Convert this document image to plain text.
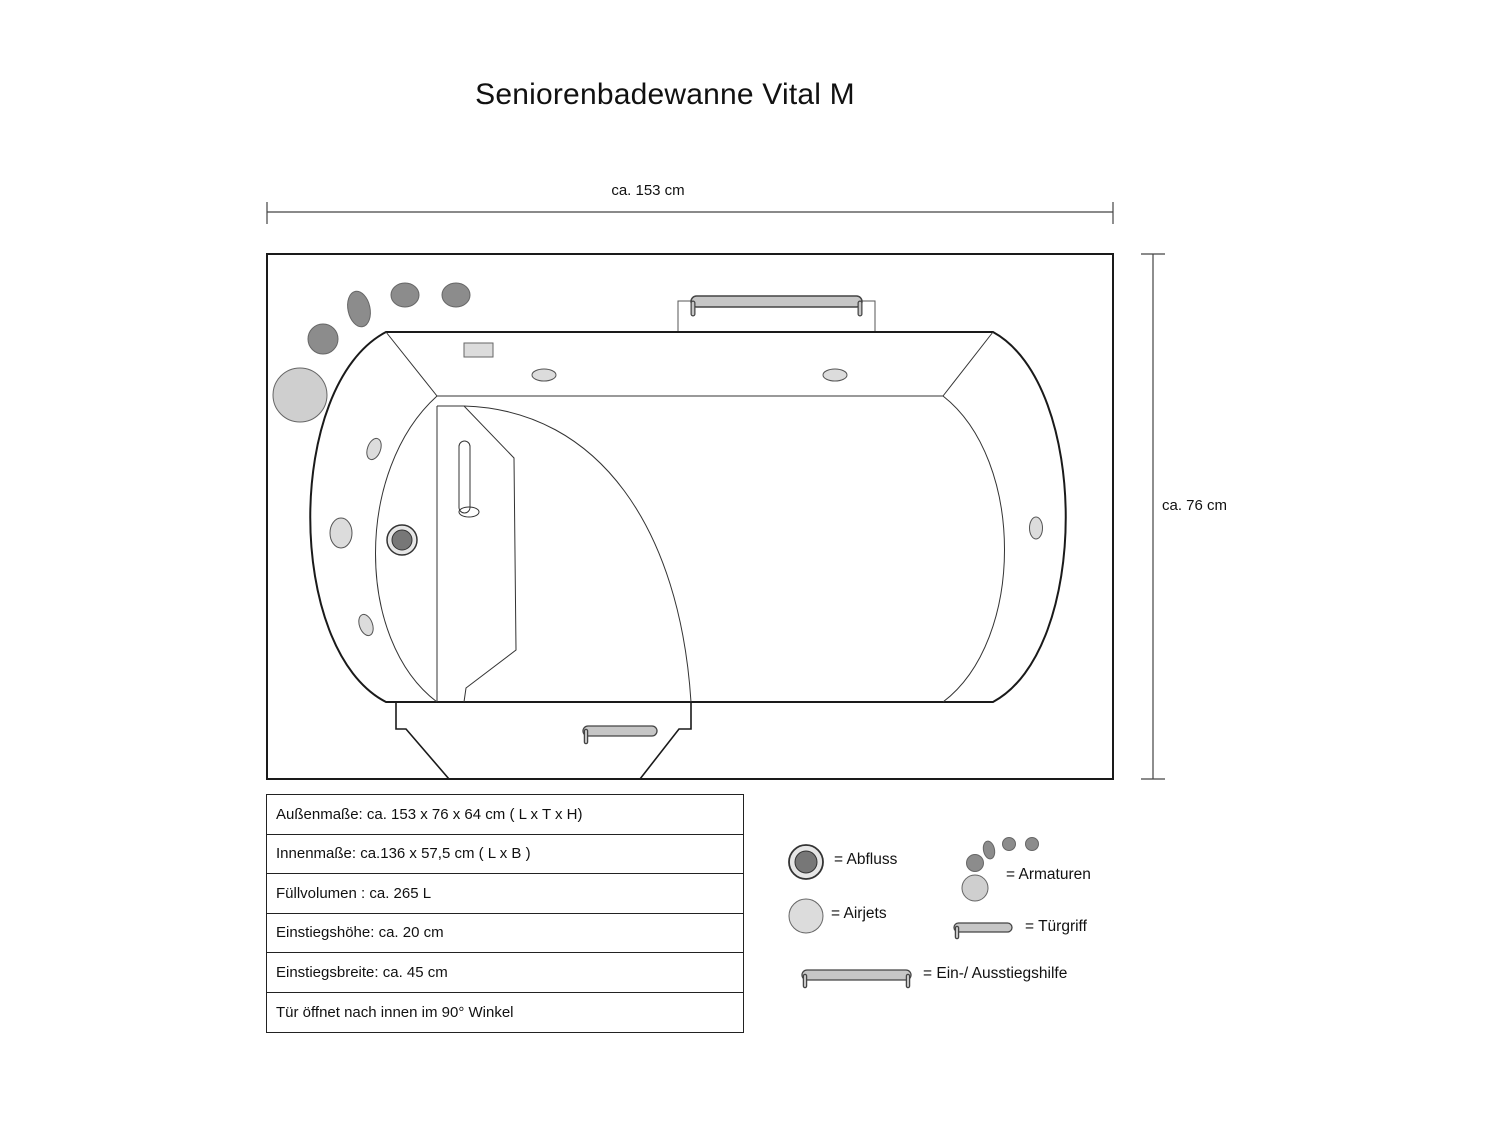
Seniorenbadewanne Vital M
ca. 153 cm
ca. 76 cm
Außenmaße: ca. 153 x 76 x 64 cm ( L x T x H)
Innenmaße: ca.136 x 57,5 cm ( L x B )
Füllvolumen : ca. 265 L
Einstiegshöhe: ca. 20 cm
Einstiegsbreite: ca. 45 cm
Tür öffnet nach innen im 90° Winkel
= Abfluss
= Airjets
= Armaturen
= Türgriff
= Ein-/ Ausstiegshilfe
